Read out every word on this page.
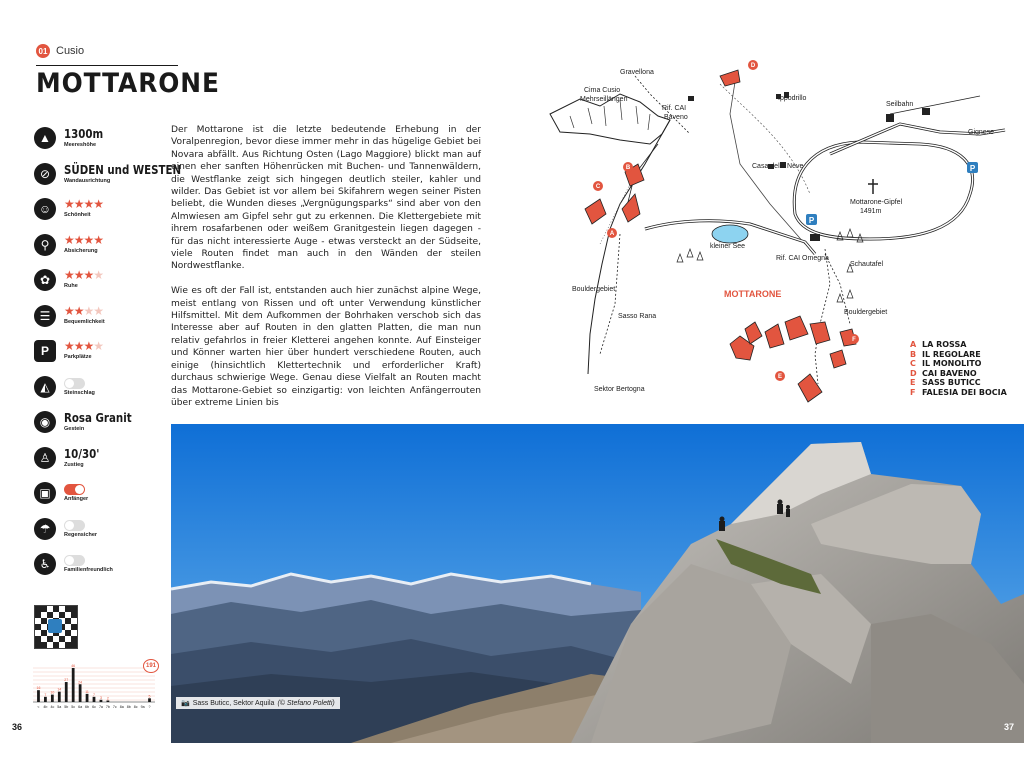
01 Cusio
MOTTARONE
▲	1300m
Meereshöhe
⊘	SÜDEN und WESTEN
Wandausrichtung
☺	★★★★
Schönheit
⚲	★★★★
Absicherung
✿	★★★★
Ruhe
☰	★★★★
Bequemlichkeit
P	★★★★
Parkplätze
◭	Steinschlag
◉	Rosa Granit
Gestein
♙	10/30'
Zustieg
▣	Anfänger
☂	Regensicher
♿	Familienfreundlich
16
<
7
4b
10
4c
14
5a
27
5b
46
5c
24
6a
11
6b
7
6c
3
7a
2
7b 7c 8a 8b 8c 9a
5
?
191
36

Der Mottarone ist die letzte bedeutende Erhebung in der Voralpenregion, bevor diese immer mehr in das hügelige Gebiet bei Novara abfällt. Aus Richtung Osten (Lago Maggiore) blickt man auf einen eher sanften Höhenrücken mit Buchen- und Tannenwäldern, die Westflanke zeigt sich hingegen deutlich steiler, kahler und wilder. Das Gebiet ist vor allem bei Skifahrern wegen seiner Pisten beliebt, die Wunden dieses „Vergnügungsparks“ sind aber von den Almwiesen am Gipfel sehr gut zu erkennen. Die Klettergebiete mit ihrem rosafarbenen oder weißem Granitgestein liegen dagegen - für das nicht interessierte Auge - etwas versteckt an der Südseite, viele Routen findet man auch in den Wänden der steilen Nordwestflanke.

Wie es oft der Fall ist, entstanden auch hier zunächst alpine Wege, meist entlang von Rissen und oft unter Verwendung künstlicher Hilfsmittel. Mit dem Aufkommen der Bohrhaken verschob sich das Interesse aber auf Routen in den glatten Platten, die man nun relativ gefahrlos in freier Kletterei angehen konnte. Auf Einsteiger und Könner warten hier über hundert verschiedene Routen, auch einige (hinsichtlich Klettertechnik und erforderlicher Kraft) durchaus schwierige Wege. Genau diese Vielfalt an Routen macht das Mottarone-Gebiet so einzigartig: von leichten Anfängerrouten über extreme Linien bis

P
P
A
B
C
D
E
F
Gravellona
Cima Cusio
Mehrseillängen
Rif. CAI
Baveno
Ippodrillo
Seilbahn
Gignese
Casa della Neve
Mottarone-Gipfel
1491m
kleiner See
Rif. CAI Omegna
Schautafel
Bouldergebiet
Bouldergebiet
Sasso Rana
Sektor Bertogna
MOTTARONE
A LA ROSSA
B IL REGOLARE
C IL MONOLITO
D CAI BAVENO
E SASS BUTICC
F FALESIA DEI BOCIA
📷 Sass Buticc, Sektor Aquila (© Stefano Poletti)
37
